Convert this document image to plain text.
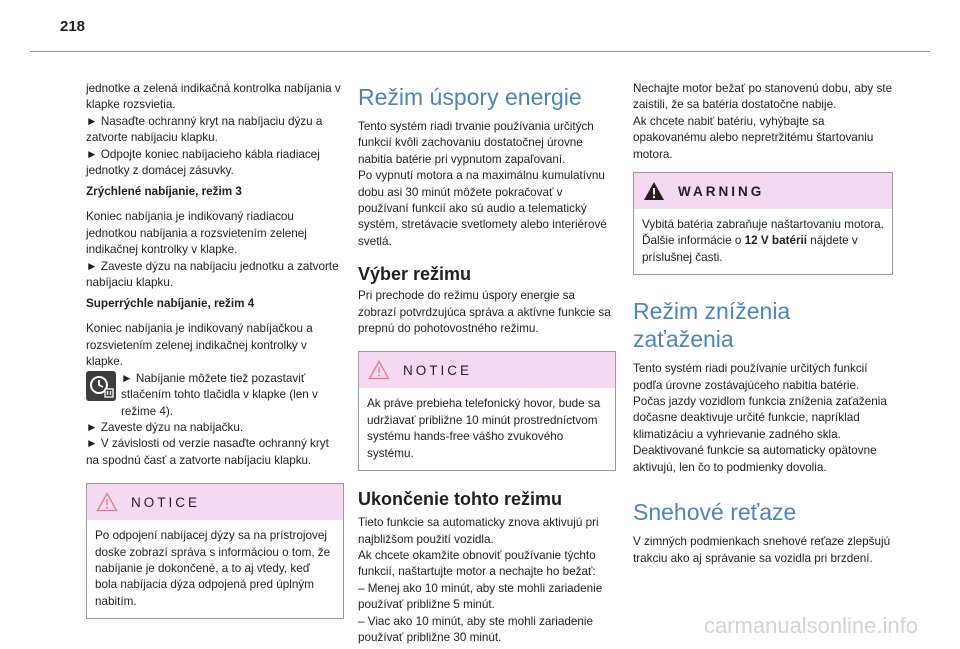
218

jednotke a zelená indikačná kontrolka nabíjania v klapke rozsvietia.

► Nasaďte ochranný kryt na nabíjaciu dýzu a zatvorte nabíjaciu klapku.

► Odpojte koniec nabíjacieho kábla riadiacej jednotky z domácej zásuvky.

Zrýchlené nabíjanie, režim 3

Koniec nabíjania je indikovaný riadiacou jednotkou nabíjania a rozsvietením zelenej indikačnej kontrolky v klapke.

► Zaveste dýzu na nabíjaciu jednotku a zatvorte nabíjaciu klapku.

Superrýchle nabíjanie, režim 4

Koniec nabíjania je indikovaný nabíjačkou a rozsvietením zelenej indikačnej kontrolky v klapke.

► Nabíjanie môžete tiež pozastaviť stlačením tohto tlačidla v klapke (len v režime 4).

► Zaveste dýzu na nabíjačku.

► V závislosti od verzie nasaďte ochranný kryt na spodnú časť a zatvorte nabíjaciu klapku.

NOTICE

Po odpojení nabíjacej dýzy sa na prístrojovej doske zobrazí správa s informáciou o tom, že nabíjanie je dokončené, a to aj vtedy, keď bola nabíjacia dýza odpojená pred úplným nabitím.

Režim úspory energie

Tento systém riadi trvanie používania určitých funkcií kvôli zachovaniu dostatočnej úrovne nabitia batérie pri vypnutom zapaľovaní.

Po vypnutí motora a na maximálnu kumulatívnu dobu asi 30 minút môžete pokračovať v používaní funkcií ako sú audio a telematický systém, stretávacie svetlomety alebo interiérové svetlá.

Výber režimu

Pri prechode do režimu úspory energie sa zobrazí potvrdzujúca správa a aktívne funkcie sa prepnú do pohotovostného režimu.

NOTICE

Ak práve prebieha telefonický hovor, bude sa udržiavať približne 10 minút prostredníctvom systému hands-free vášho zvukového systému.

Ukončenie tohto režimu

Tieto funkcie sa automaticky znova aktivujú pri najbližšom použití vozidla.

Ak chcete okamžite obnoviť používanie týchto funkcií, naštartujte motor a nechajte ho bežať:

– Menej ako 10 minút, aby ste mohli zariadenie používať približne 5 minút.

– Viac ako 10 minút, aby ste mohli zariadenie používať približne 30 minút.

Nechajte motor bežať po stanovenú dobu, aby ste zaistili, že sa batéria dostatočne nabije.

Ak chcete nabiť batériu, vyhýbajte sa opakovanému alebo nepretržitému štartovaniu motora.

WARNING

Vybitá batéria zabraňuje naštartovaniu motora.

Ďalšie informácie o 12 V batérii nájdete v príslušnej časti.

Režim zníženia zaťaženia

Tento systém riadi používanie určitých funkcií podľa úrovne zostávajúceho nabitia batérie.

Počas jazdy vozidlom funkcia zníženia zaťaženia dočasne deaktivuje určité funkcie, napríklad klimatizáciu a vyhrievanie zadného skla.

Deaktivované funkcie sa automaticky opätovne aktivujú, len čo to podmienky dovolia.

Snehové reťaze

V zimných podmienkach snehové reťaze zlepšujú trakciu ako aj správanie sa vozidla pri brzdení.

carmanualsonline.info
